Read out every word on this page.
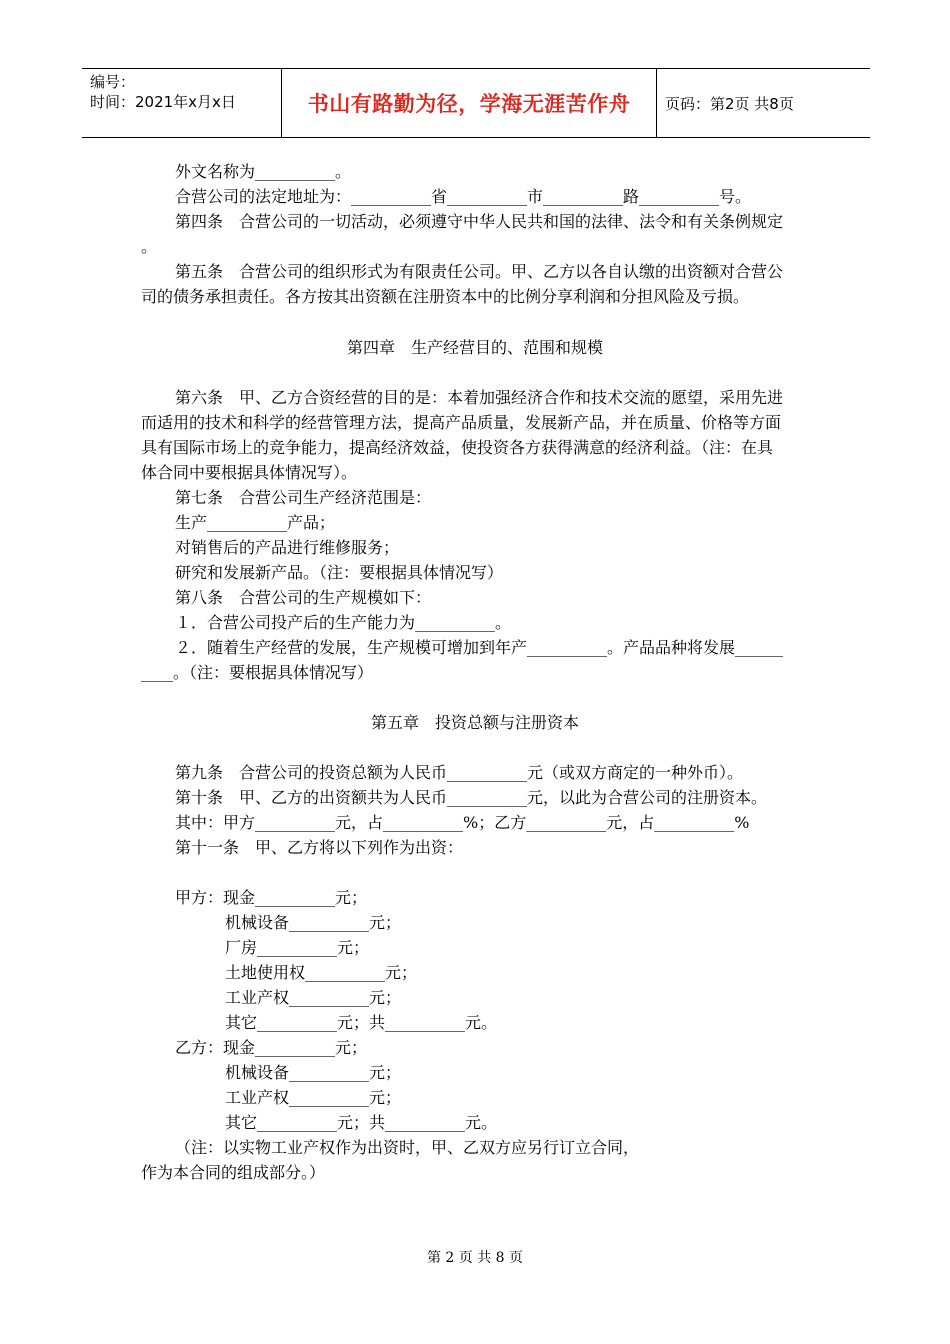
编号：
时间：2021年x月x日	书山有路勤为径，学海无涯苦作舟	页码：第2页 共8页
外文名称为__________。
合营公司的法定地址为：__________省__________市__________路__________号。
第四条　合营公司的一切活动，必须遵守中华人民共和国的法律、法令和有关条例规定
。
第五条　合营公司的组织形式为有限责任公司。甲、乙方以各自认缴的出资额对合营公
司的债务承担责任。各方按其出资额在注册资本中的比例分享利润和分担风险及亏损。
第四章　生产经营目的、范围和规模
第六条　甲、乙方合资经营的目的是：本着加强经济合作和技术交流的愿望，采用先进
而适用的技术和科学的经营管理方法，提高产品质量，发展新产品，并在质量、价格等方面
具有国际市场上的竞争能力，提高经济效益，使投资各方获得满意的经济利益。（注：在具
体合同中要根据具体情况写）。
第七条　合营公司生产经济范围是：
生产__________产品；
对销售后的产品进行维修服务；
研究和发展新产品。（注：要根据具体情况写）
第八条　合营公司的生产规模如下：
１．合营公司投产后的生产能力为__________。
２．随着生产经营的发展，生产规模可增加到年产__________。产品品种将发展______
____。（注：要根据具体情况写）
第五章　投资总额与注册资本
第九条　合营公司的投资总额为人民币__________元（或双方商定的一种外币）。
第十条　甲、乙方的出资额共为人民币__________元，以此为合营公司的注册资本。
其中：甲方__________元，占__________%；乙方__________元，占__________%
第十一条　甲、乙方将以下列作为出资：
甲方：现金__________元；
机械设备__________元；
厂房__________元；
土地使用权__________元；
工业产权__________元；
其它__________元；共__________元。
乙方：现金__________元；
机械设备__________元；
工业产权__________元；
其它__________元；共__________元。
（注：以实物工业产权作为出资时，甲、乙双方应另行订立合同，
作为本合同的组成部分。）
第 2 页 共 8 页
